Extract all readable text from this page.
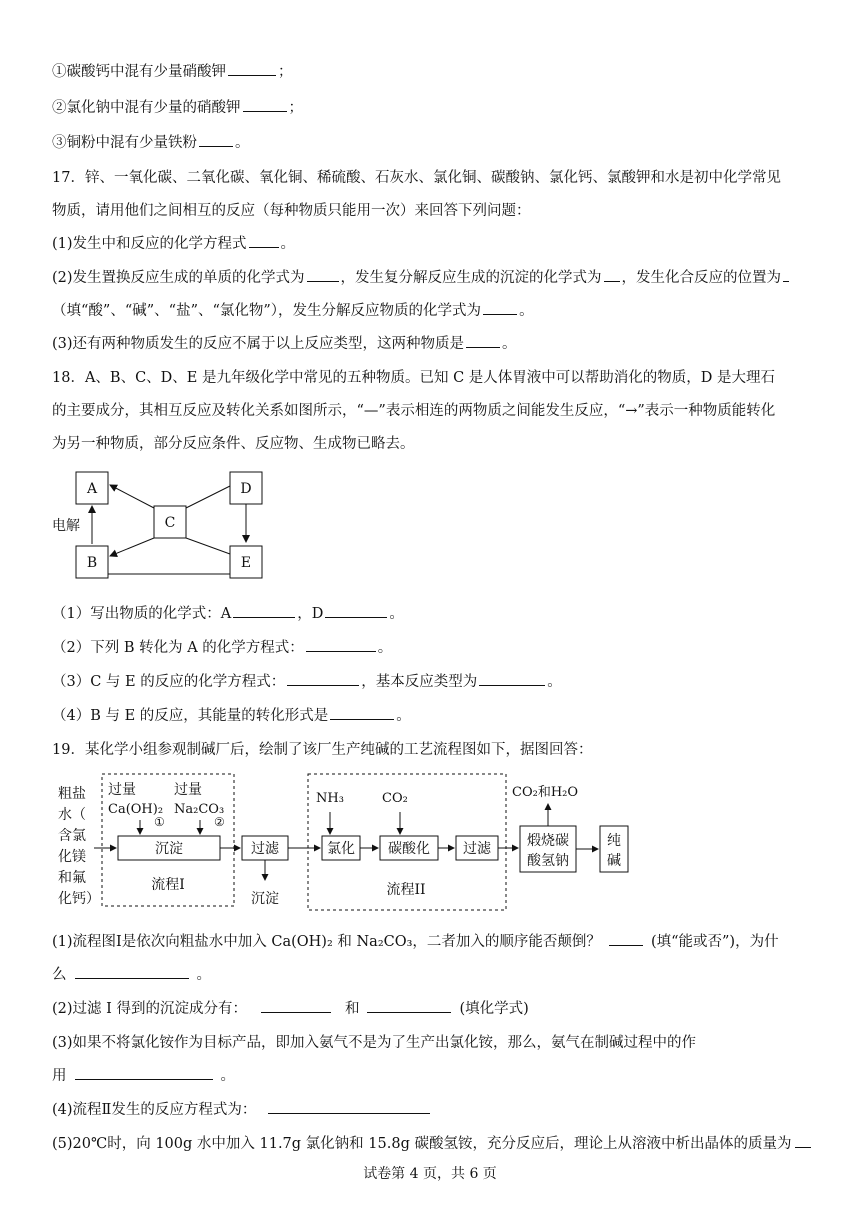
①碳酸钙中混有少量硝酸钾	；
②氯化钠中混有少量的硝酸钾	；
③铜粉中混有少量铁粉	。
17．锌、一氧化碳、二氧化碳、氧化铜、稀硫酸、石灰水、氯化铜、碳酸钠、氯化钙、氯酸钾和水是初中化学常见
物质，请用他们之间相互的反应（每种物质只能用一次）来回答下列问题：
(1)发生中和反应的化学方程式 。
(2)发生置换反应生成的单质的化学式为 ，发生复分解反应生成的沉淀的化学式为 ，发生化合反应的位置为
（填“酸”、“碱”、“盐”、“氯化物”），发生分解反应物质的化学式为	。
(3)还有两种物质发生的反应不属于以上反应类型，这两种物质是	。
18．A、B、C、D、E 是九年级化学中常见的五种物质。已知 C 是人体胃液中可以帮助消化的物质，D 是大理石
的主要成分，其相互反应及转化关系如图所示，“—”表示相连的两物质之间能发生反应，“→”表示一种物质能转化
为另一种物质，部分反应条件、反应物、生成物已略去。
A	D
C
B	E
电解
（1）写出物质的化学式：A	，D	。
（2）下列 B 转化为 A 的化学方程式：	。
（3）C 与 E 的反应的化学方程式：	，基本反应类型为	。
（4）B 与 E 的反应，其能量的转化形式是	。
19．某化学小组参观制碱厂后，绘制了该厂生产纯碱的工艺流程图如下，据图回答：
粗盐
水（
含氯
化镁
和氟
化钙）
过量
Ca(OH)₂
①
过量
Na₂CO₃
②
沉淀
流程I
过滤
沉淀
NH₃	CO₂
氯化 碳酸化 过滤
流程II
煅烧碳
酸氢钠
CO₂和H₂O
纯
碱
(1)流程图Ⅰ是依次向粗盐水中加入 Ca(OH)₂ 和 Na₂CO₃，二者加入的顺序能否颠倒？	(填“能或否”)，为什
么	。
(2)过滤 I 得到的沉淀成分有：	和	(填化学式)
(3)如果不将氯化铵作为目标产品，即加入氨气不是为了生产出氯化铵，那么，氨气在制碱过程中的作
用	。
(4)流程Ⅱ发生的反应方程式为：
(5)20℃时，向 100g 水中加入 11.7g 氯化钠和 15.8g 碳酸氢铵，充分反应后，理论上从溶液中析出晶体的质量为
试卷第 4 页，共 6 页
